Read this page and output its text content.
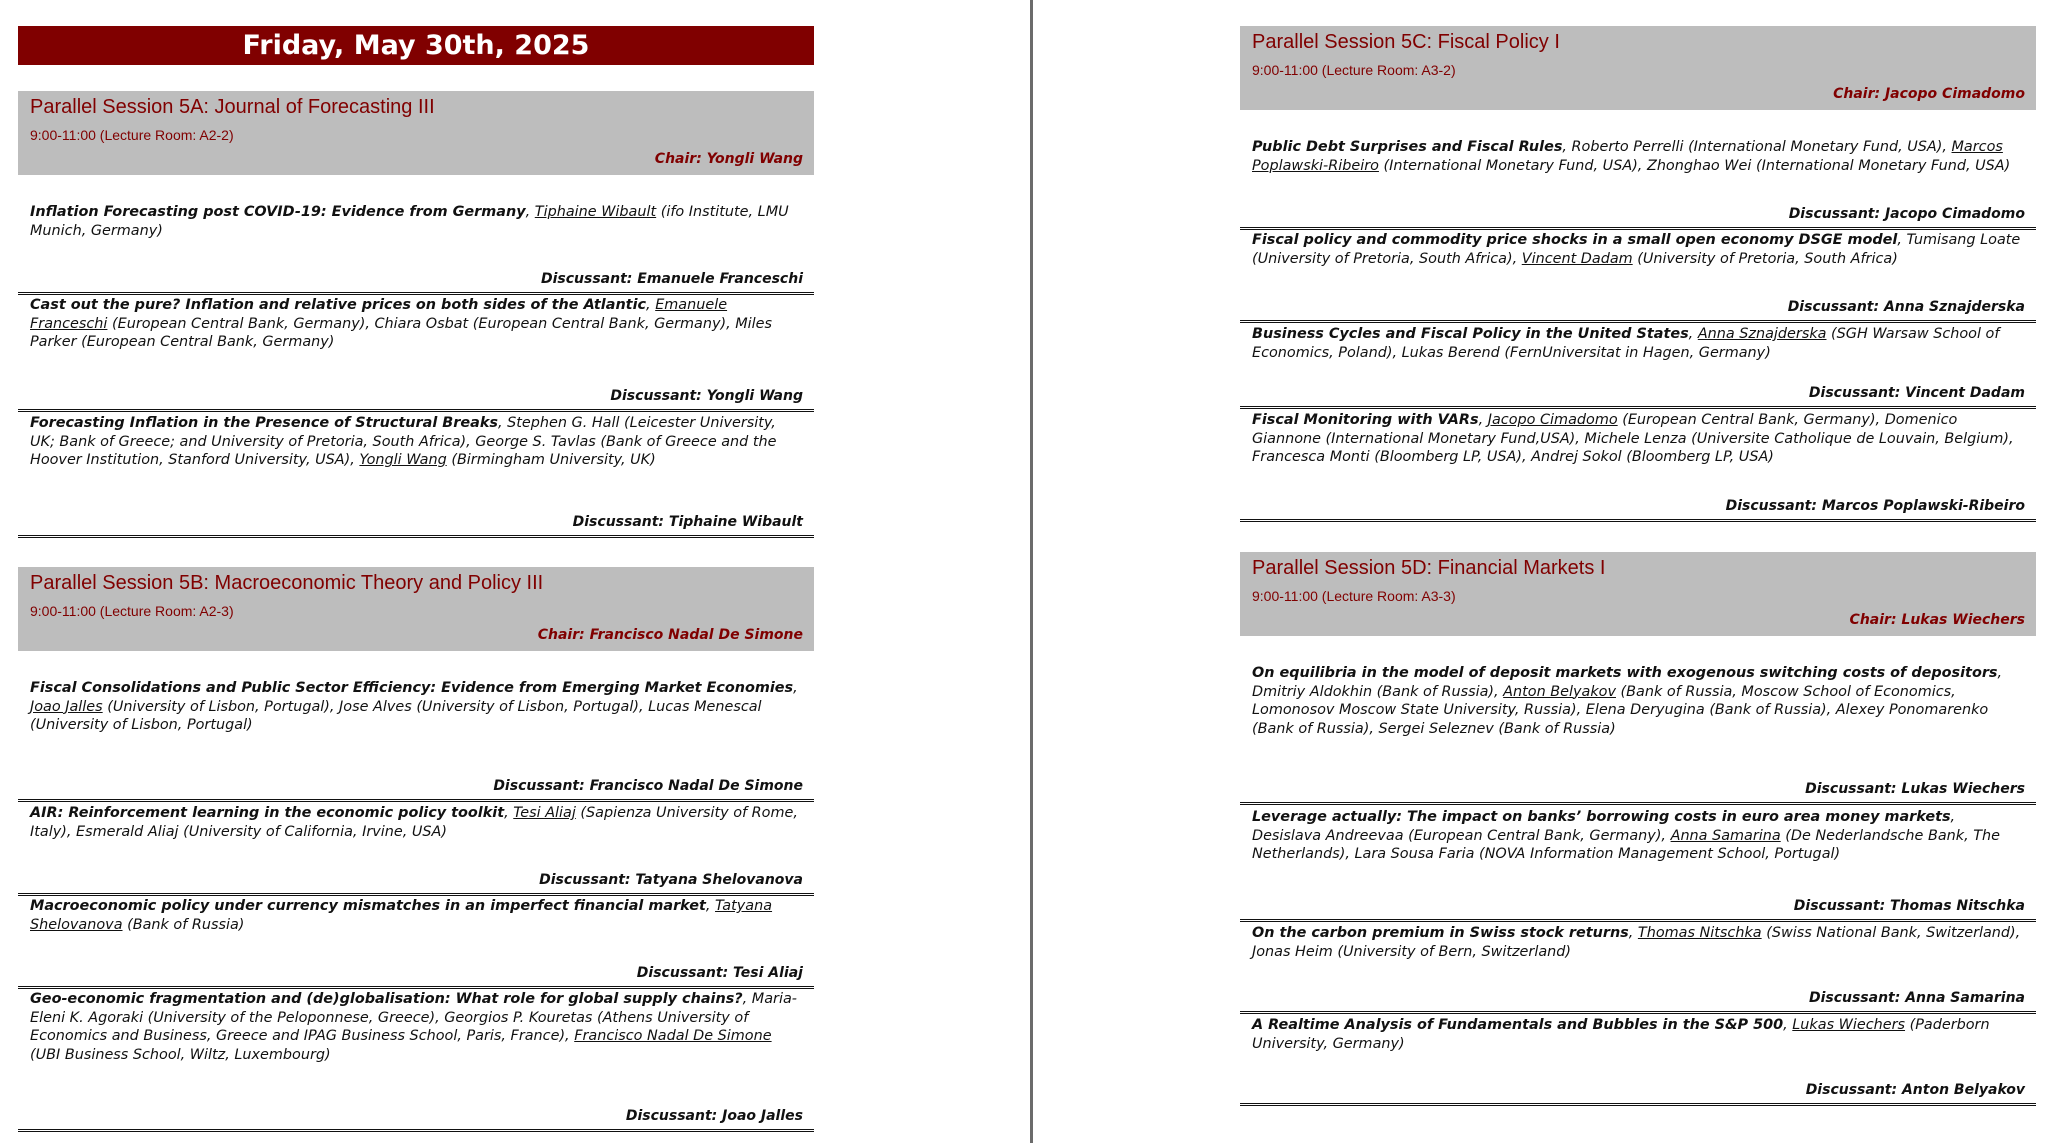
Friday, May 30th, 2025
Parallel Session 5A: Journal of Forecasting III
9:00-11:00 (Lecture Room: A2-2)
Chair: Yongli Wang
Inflation Forecasting post COVID-19: Evidence from Germany, Tiphaine Wibault (ifo Institute, LMU Munich, Germany)
Discussant: Emanuele Franceschi
Cast out the pure? Inflation and relative prices on both sides of the Atlantic, Emanuele Franceschi (European Central Bank, Germany), Chiara Osbat (European Central Bank, Germany), Miles Parker (European Central Bank, Germany)
Discussant: Yongli Wang
Forecasting Inflation in the Presence of Structural Breaks, Stephen G. Hall (Leicester University, UK; Bank of Greece; and University of Pretoria, South Africa), George S. Tavlas (Bank of Greece and the Hoover Institution, Stanford University, USA), Yongli Wang (Birmingham University, UK)
Discussant: Tiphaine Wibault
Parallel Session 5B: Macroeconomic Theory and Policy III
9:00-11:00 (Lecture Room: A2-3)
Chair: Francisco Nadal De Simone
Fiscal Consolidations and Public Sector Efficiency: Evidence from Emerging Market Economies, Joao Jalles (University of Lisbon, Portugal), Jose Alves (University of Lisbon, Portugal), Lucas Menescal (University of Lisbon, Portugal)
Discussant: Francisco Nadal De Simone
AIR: Reinforcement learning in the economic policy toolkit, Tesi Aliaj (Sapienza University of Rome, Italy), Esmerald Aliaj (University of California, Irvine, USA)
Discussant: Tatyana Shelovanova
Macroeconomic policy under currency mismatches in an imperfect financial market, Tatyana Shelovanova (Bank of Russia)
Discussant: Tesi Aliaj
Geo-economic fragmentation and (de)globalisation: What role for global supply chains?, Maria-Eleni K. Agoraki (University of the Peloponnese, Greece), Georgios P. Kouretas (Athens University of Economics and Business, Greece and IPAG Business School, Paris, France), Francisco Nadal De Simone (UBI Business School, Wiltz, Luxembourg)
Discussant: Joao Jalles
Parallel Session 5C: Fiscal Policy I
9:00-11:00 (Lecture Room: A3-2)
Chair: Jacopo Cimadomo
Public Debt Surprises and Fiscal Rules, Roberto Perrelli (International Monetary Fund, USA), Marcos Poplawski-Ribeiro (International Monetary Fund, USA), Zhonghao Wei (International Monetary Fund, USA)
Discussant: Jacopo Cimadomo
Fiscal policy and commodity price shocks in a small open economy DSGE model, Tumisang Loate (University of Pretoria, South Africa), Vincent Dadam (University of Pretoria, South Africa)
Discussant: Anna Sznajderska
Business Cycles and Fiscal Policy in the United States, Anna Sznajderska (SGH Warsaw School of Economics, Poland), Lukas Berend (FernUniversitat in Hagen, Germany)
Discussant: Vincent Dadam
Fiscal Monitoring with VARs, Jacopo Cimadomo (European Central Bank, Germany), Domenico Giannone (International Monetary Fund,USA), Michele Lenza (Universite Catholique de Louvain, Belgium), Francesca Monti (Bloomberg LP, USA), Andrej Sokol (Bloomberg LP, USA)
Discussant: Marcos Poplawski-Ribeiro
Parallel Session 5D: Financial Markets I
9:00-11:00 (Lecture Room: A3-3)
Chair: Lukas Wiechers
On equilibria in the model of deposit markets with exogenous switching costs of depositors, Dmitriy Aldokhin (Bank of Russia), Anton Belyakov (Bank of Russia, Moscow School of Economics, Lomonosov Moscow State University, Russia), Elena Deryugina (Bank of Russia), Alexey Ponomarenko (Bank of Russia), Sergei Seleznev (Bank of Russia)
Discussant: Lukas Wiechers
Leverage actually: The impact on banks’ borrowing costs in euro area money markets, Desislava Andreevaa (European Central Bank, Germany), Anna Samarina (De Nederlandsche Bank, The Netherlands), Lara Sousa Faria (NOVA Information Management School, Portugal)
Discussant: Thomas Nitschka
On the carbon premium in Swiss stock returns, Thomas Nitschka (Swiss National Bank, Switzerland), Jonas Heim (University of Bern, Switzerland)
Discussant: Anna Samarina
A Realtime Analysis of Fundamentals and Bubbles in the S&P 500, Lukas Wiechers (Paderborn University, Germany)
Discussant: Anton Belyakov
